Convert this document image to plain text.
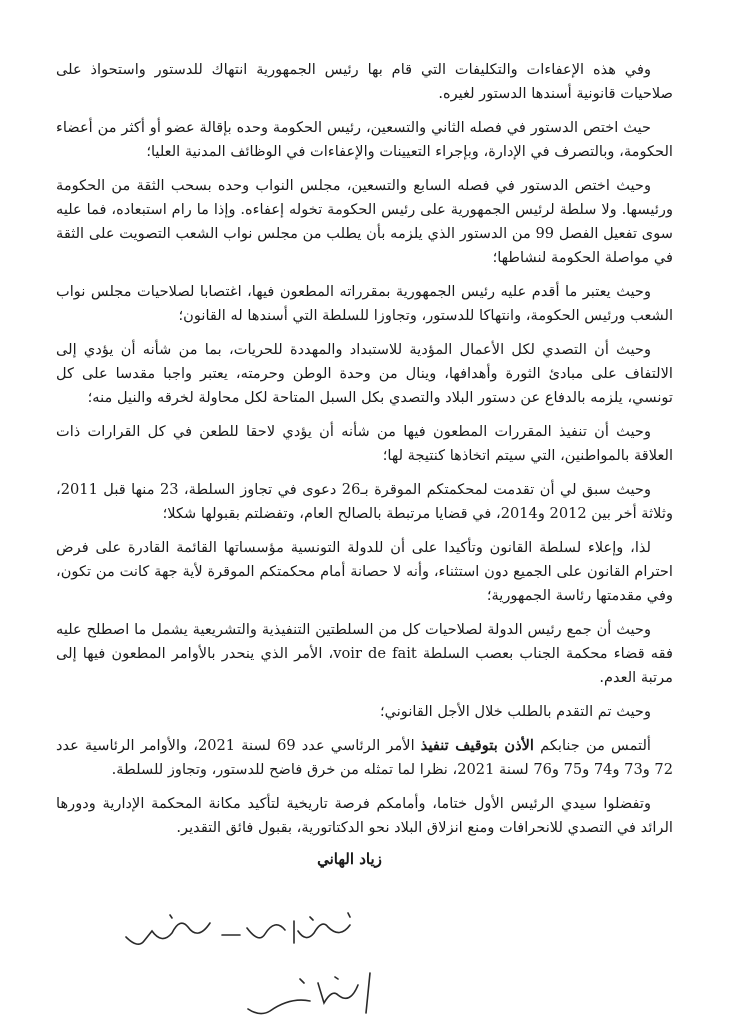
وفي هذه الإعفاءات والتكليفات التي قام بها رئيس الجمهورية انتهاك للدستور واستحواذ على صلاحيات قانونية أسندها الدستور لغيره.

حيث اختص الدستور في فصله الثاني والتسعين، رئيس الحكومة وحده بإقالة عضو أو أكثر من أعضاء الحكومة، وبالتصرف في الإدارة، وبإجراء التعيينات والإعفاءات في الوظائف المدنية العليا؛

وحيث اختص الدستور في فصله السابع والتسعين، مجلس النواب وحده بسحب الثقة من الحكومة ورئيسها. ولا سلطة لرئيس الجمهورية على رئيس الحكومة تخوله إعفاءه. وإذا ما رام استبعاده، فما عليه سوى تفعيل الفصل 99 من الدستور الذي يلزمه بأن يطلب من مجلس نواب الشعب التصويت على الثقة في مواصلة الحكومة لنشاطها؛

وحيث يعتبر ما أقدم عليه رئيس الجمهورية بمقرراته المطعون فيها، اغتصابا لصلاحيات مجلس نواب الشعب ورئيس الحكومة، وانتهاكا للدستور، وتجاوزا للسلطة التي أسندها له القانون؛

وحيث أن التصدي لكل الأعمال المؤدية للاستبداد والمهددة للحريات، بما من شأنه أن يؤدي إلى الالتفاف على مبادئ الثورة وأهدافها، وينال من وحدة الوطن وحرمته، يعتبر واجبا مقدسا على كل تونسي، يلزمه بالدفاع عن دستور البلاد والتصدي بكل السبل المتاحة لكل محاولة لخرقه والنيل منه؛

وحيث أن تنفيذ المقررات المطعون فيها من شأنه أن يؤدي لاحقا للطعن في كل القرارات ذات العلاقة بالمواطنين، التي سيتم اتخاذها كنتيجة لها؛

وحيث سبق لي أن تقدمت لمحكمتكم الموقرة بـ26 دعوى في تجاوز السلطة، 23 منها قبل 2011، وثلاثة أخر بين 2012 و2014، في قضايا مرتبطة بالصالح العام، وتفضلتم بقبولها شكلا؛

لذا، وإعلاء لسلطة القانون وتأكيدا على أن للدولة التونسية مؤسساتها القائمة القادرة على فرض احترام القانون على الجميع دون استثناء، وأنه لا حصانة أمام محكمتكم الموقرة لأية جهة كانت من تكون، وفي مقدمتها رئاسة الجمهورية؛

وحيث أن جمع رئيس الدولة لصلاحيات كل من السلطتين التنفيذية والتشريعية يشمل ما اصطلح عليه فقه قضاء محكمة الجناب بعصب السلطة voir de fait، الأمر الذي ينحدر بالأوامر المطعون فيها إلى مرتبة العدم.

وحيث تم التقدم بالطلب خلال الأجل القانوني؛

ألتمس من جنابكم الأذن بتوقيف تنفيذ الأمر الرئاسي عدد 69 لسنة 2021، والأوامر الرئاسية عدد 72 و73 و74 و75 و76 لسنة 2021، نظرا لما تمثله من خرق فاضح للدستور، وتجاوز للسلطة.

وتفضلوا سيدي الرئيس الأول ختاما، وأمامكم فرصة تاريخية لتأكيد مكانة المحكمة الإدارية ودورها الرائد في التصدي للانحرافات ومنع انزلاق البلاد نحو الدكتاتورية، بقبول فائق التقدير.

زياد الهاني
